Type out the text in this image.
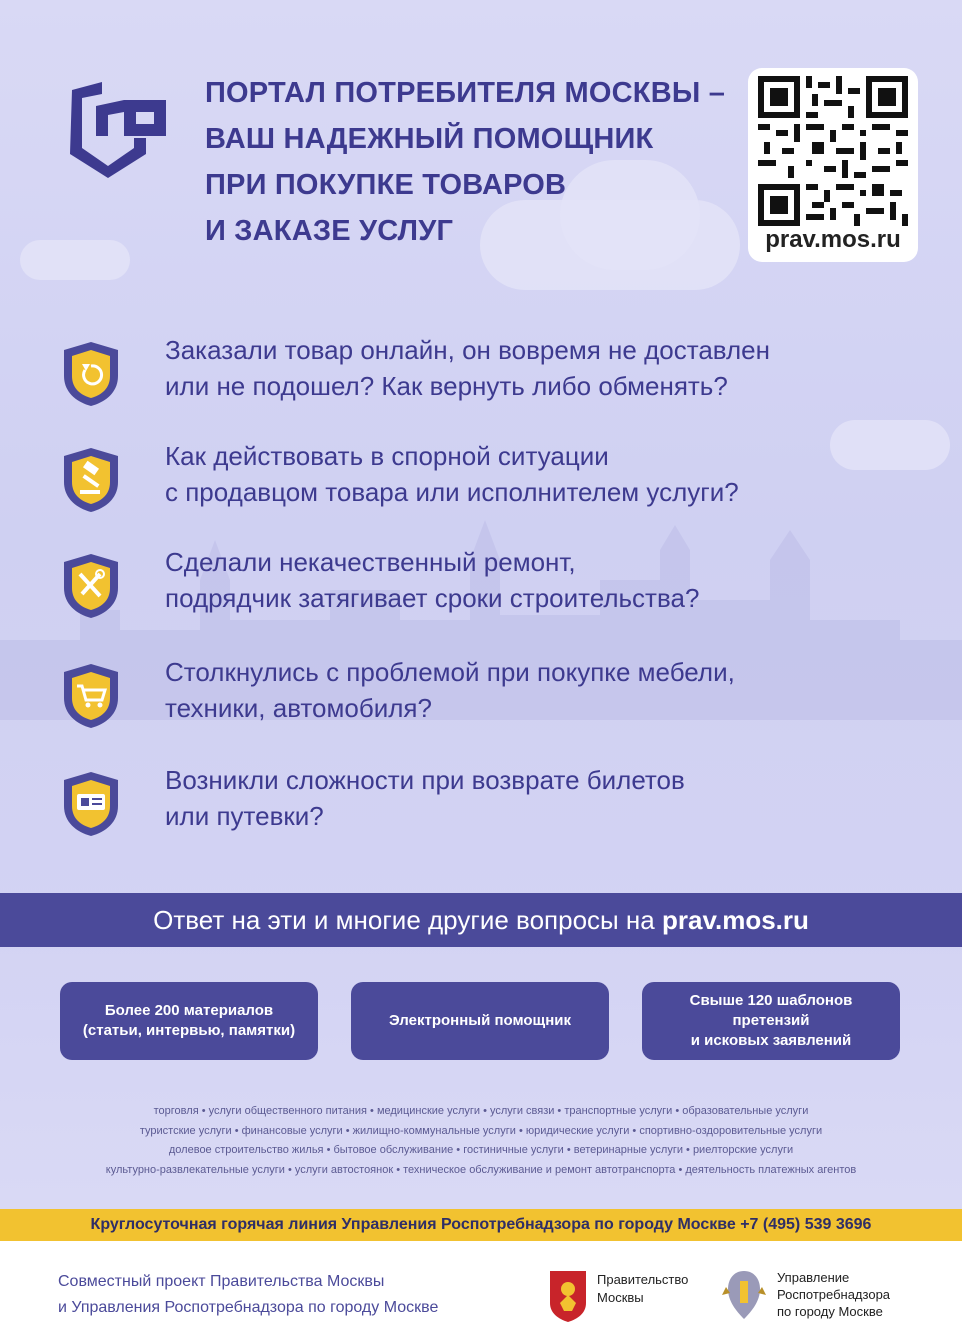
ПОРТАЛ ПОТРЕБИТЕЛЯ МОСКВЫ –
ВАШ НАДЕЖНЫЙ ПОМОЩНИК
ПРИ ПОКУПКЕ ТОВАРОВ
И ЗАКАЗЕ УСЛУГ	prav.mos.ru
Заказали товар онлайн, он вовремя не доставлен
или не подошел? Как вернуть либо обменять?
Как действовать в спорной ситуации
с продавцом товара или исполнителем услуги?
Сделали некачественный ремонт,
подрядчик затягивает сроки строительства?
Столкнулись с проблемой при покупке мебели,
техники, автомобиля?
Возникли сложности при возврате билетов
или путевки?
Ответ на эти и многие другие вопросы на prav.mos.ru
Более 200 материалов
(статьи, интервью, памятки)
Электронный помощник
Свыше 120 шаблонов
претензий
и исковых заявлений
торговля • услуги общественного питания • медицинские услуги • услуги связи • транспортные услуги • образовательные услуги
туристские услуги • финансовые услуги • жилищно-коммунальные услуги • юридические услуги • спортивно-оздоровительные услуги
долевое строительство жилья • бытовое обслуживание • гостиничные услуги • ветеринарные услуги • риелторские услуги
культурно-развлекательные услуги • услуги автостоянок • техническое обслуживание и ремонт автотранспорта • деятельность платежных агентов
Круглосуточная горячая линия Управления Роспотребнадзора по городу Москве +7 (495) 539 3696
Совместный проект Правительства Москвы
и Управления Роспотребнадзора по городу Москве
Правительство
Москвы
Управление
Роспотребнадзора
по городу Москве
